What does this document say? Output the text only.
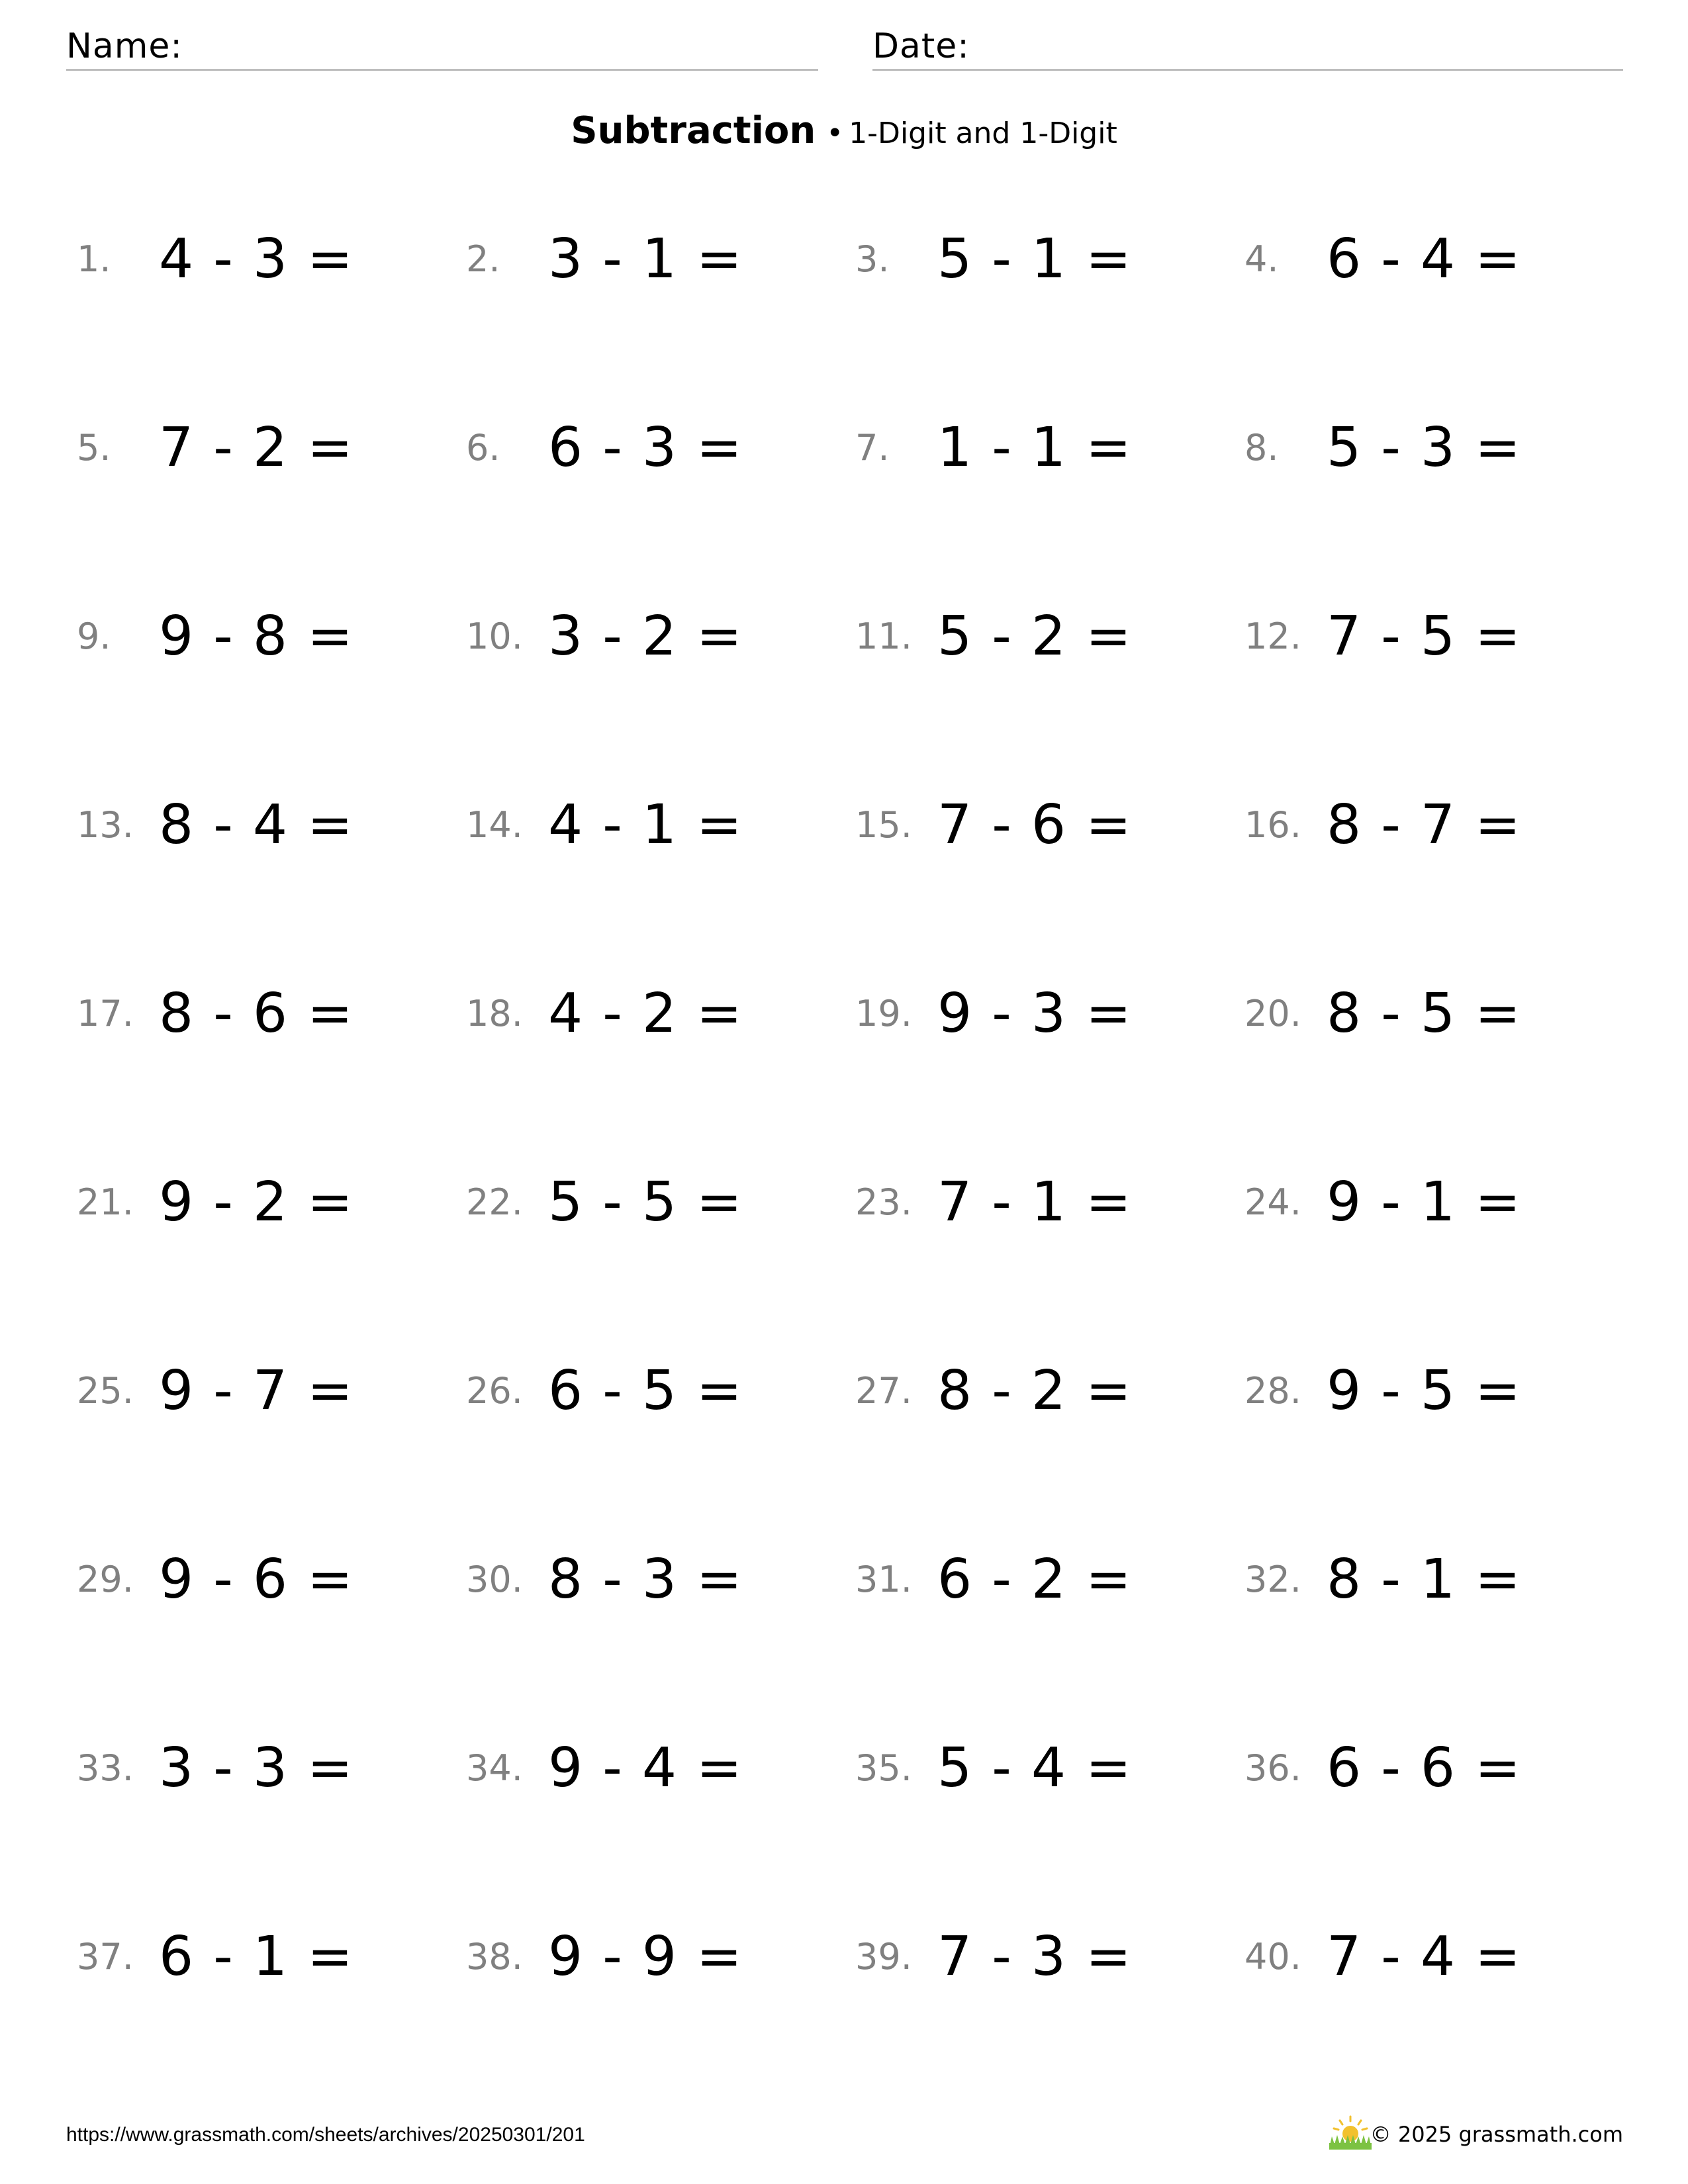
Name:	Date:
Subtraction • 1-Digit and 1-Digit
1. 4 - 3 =	2. 3 - 1 =	3. 5 - 1 =	4. 6 - 4 =
5. 7 - 2 =	6. 6 - 3 =	7. 1 - 1 =	8. 5 - 3 =
9. 9 - 8 =	10. 3 - 2 =	11. 5 - 2 =	12. 7 - 5 =
13. 8 - 4 =	14. 4 - 1 =	15. 7 - 6 =	16. 8 - 7 =
17. 8 - 6 =	18. 4 - 2 =	19. 9 - 3 =	20. 8 - 5 =
21. 9 - 2 =	22. 5 - 5 =	23. 7 - 1 =	24. 9 - 1 =
25. 9 - 7 =	26. 6 - 5 =	27. 8 - 2 =	28. 9 - 5 =
29. 9 - 6 =	30. 8 - 3 =	31. 6 - 2 =	32. 8 - 1 =
33. 3 - 3 =	34. 9 - 4 =	35. 5 - 4 =	36. 6 - 6 =
37. 6 - 1 =	38. 9 - 9 =	39. 7 - 3 =	40. 7 - 4 =
https://www.grassmath.com/sheets/archives/20250301/201	© 2025 grassmath.com
